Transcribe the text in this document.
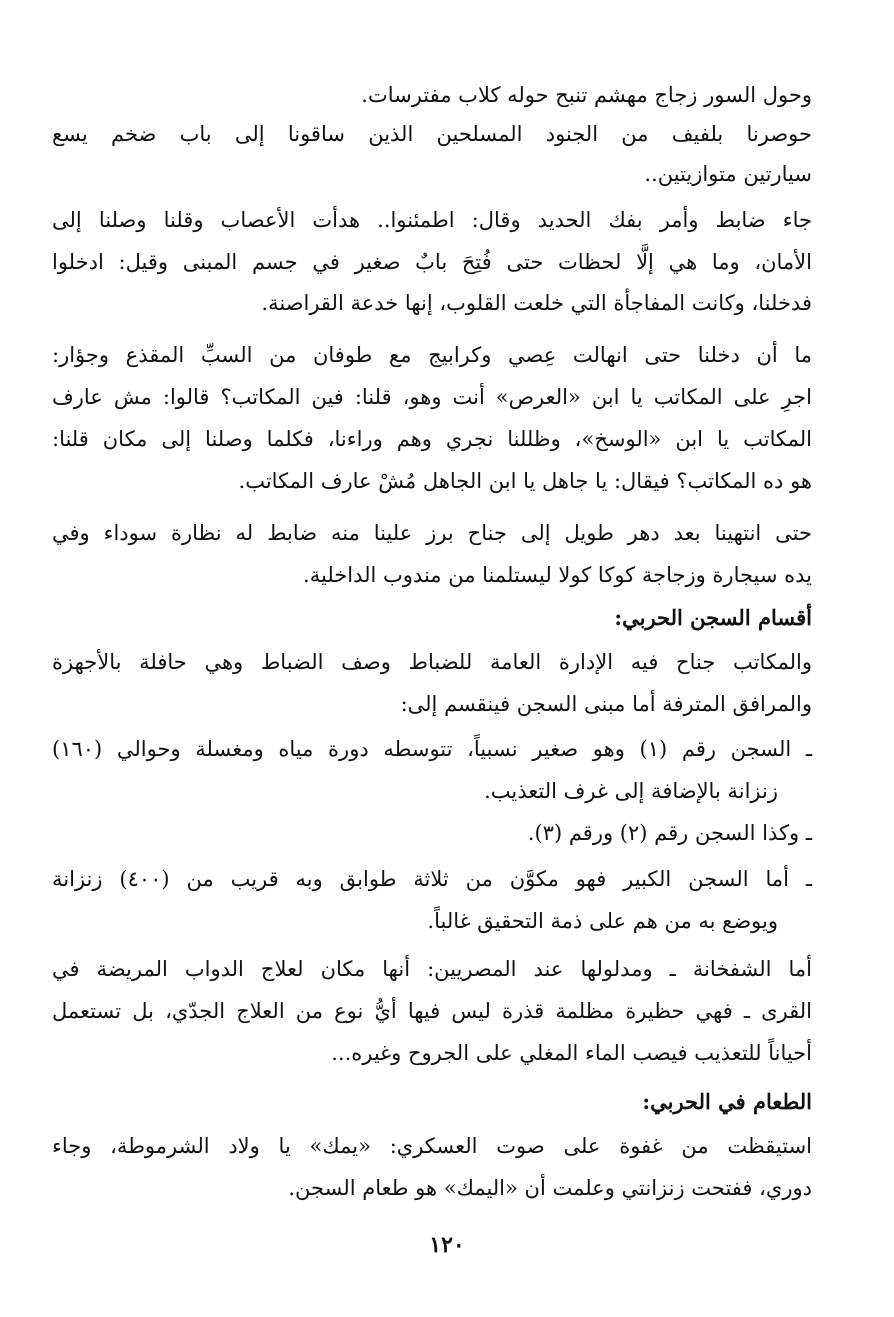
وحول السور زجاج مهشم تنبح حوله كلاب مفترسات.
حوصرنا بلفيف من الجنود المسلحين الذين ساقونا إلى باب ضخم يسع
سيارتين متوازيتين..
جاء ضابط وأمر بفك الحديد وقال: اطمئنوا.. هدأت الأعصاب وقلنا وصلنا إلى
الأمان، وما هي إلَّا لحظات حتى فُتِحَ بابٌ صغير في جسم المبنى وقيل: ادخلوا
فدخلنا، وكانت المفاجأة التي خلعت القلوب، إنها خدعة القراصنة.
ما أن دخلنا حتى انهالت عِصي وكرابيج مع طوفان من السبِّ المقذع وجؤار:
اجرِ على المكاتب يا ابن «العرص» أنت وهو، قلنا: فين المكاتب؟ قالوا: مش عارف
المكاتب يا ابن «الوسخ»، وظللنا نجري وهم وراءنا، فكلما وصلنا إلى مكان قلنا:
هو ده المكاتب؟ فيقال: يا جاهل يا ابن الجاهل مُشْ عارف المكاتب.
حتى انتهينا بعد دهر طويل إلى جناح برز علينا منه ضابط له نظارة سوداء وفي
يده سيجارة وزجاجة كوكا كولا ليستلمنا من مندوب الداخلية.
أقسام السجن الحربي:
والمكاتب جناح فيه الإدارة العامة للضباط وصف الضباط وهي حافلة بالأجهزة
والمرافق المترفة أما مبنى السجن فينقسم إلى:
ـ السجن رقم (١) وهو صغير نسبياً، تتوسطه دورة مياه ومغسلة وحوالي (١٦٠)
زنزانة بالإضافة إلى غرف التعذيب.
ـ وكذا السجن رقم (٢) ورقم (٣).
ـ أما السجن الكبير فهو مكوَّن من ثلاثة طوابق وبه قريب من (٤٠٠) زنزانة
ويوضع به من هم على ذمة التحقيق غالباً.
أما الشفخانة ـ ومدلولها عند المصريين: أنها مكان لعلاج الدواب المريضة في
القرى ـ فهي حظيرة مظلمة قذرة ليس فيها أيُّ نوع من العلاج الجدّي، بل تستعمل
أحياناً للتعذيب فيصب الماء المغلي على الجروح وغيره...
الطعام في الحربي:
استيقظت من غفوة على صوت العسكري: «يمك» يا ولاد الشرموطة، وجاء
دوري، ففتحت زنزانتي وعلمت أن «اليمك» هو طعام السجن.
١٢٠
